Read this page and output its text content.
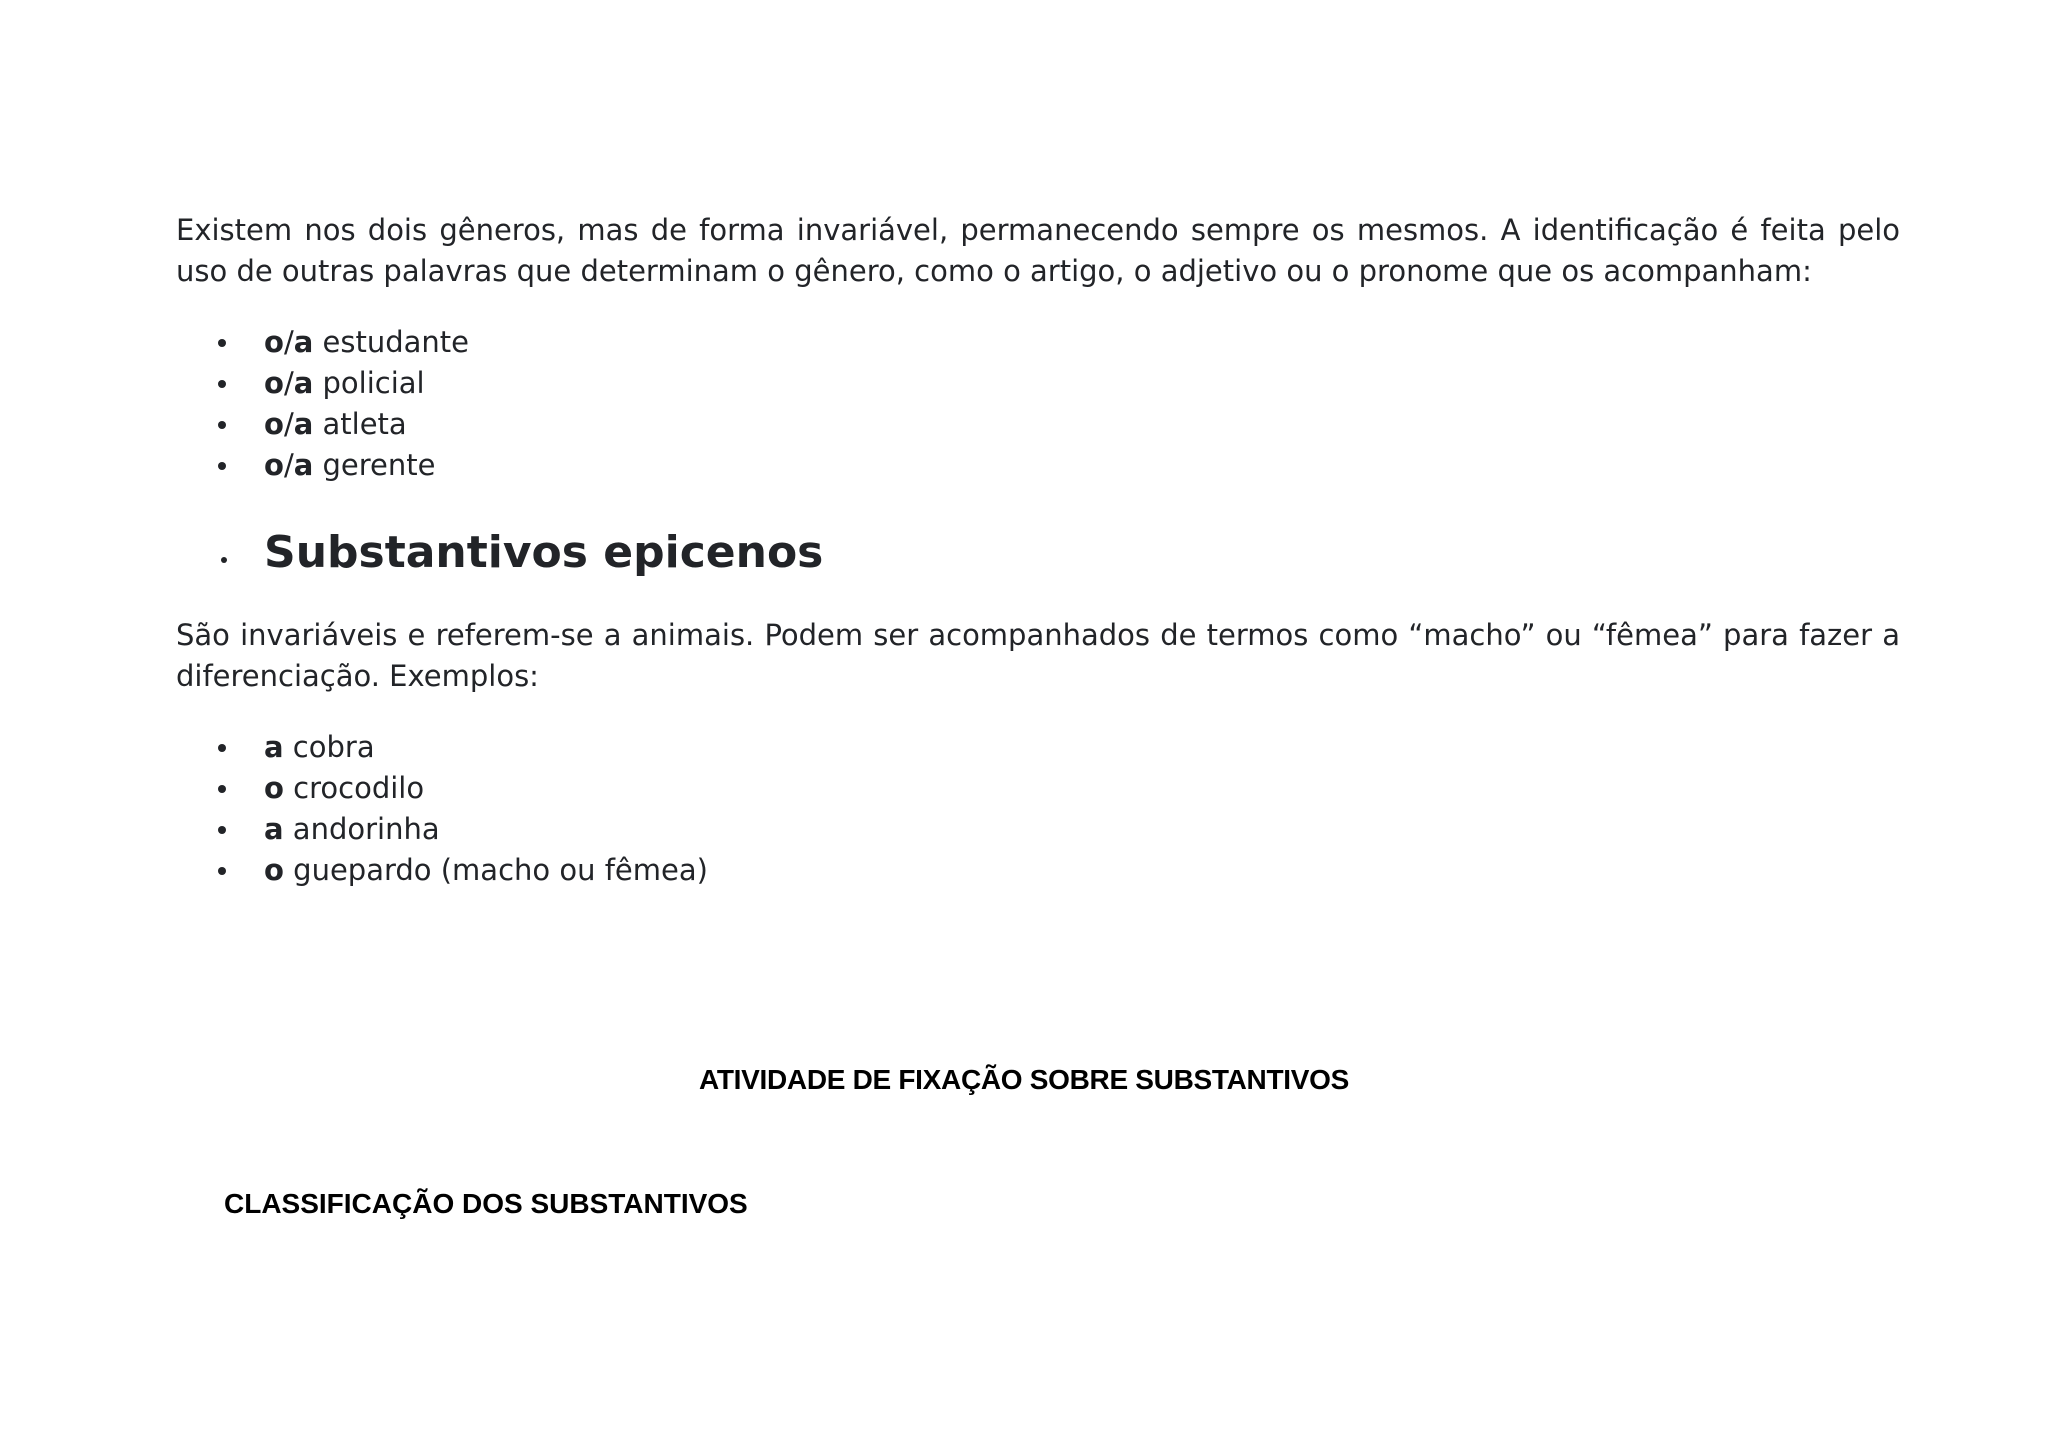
Existem nos dois gêneros, mas de forma invariável, permanecendo sempre os mesmos. A identificação é feita pelo uso de outras palavras que determinam o gênero, como o artigo, o adjetivo ou o pronome que os acompanham:

o/a estudante
o/a policial
o/a atleta
o/a gerente
Substantivos epicenos

São invariáveis e referem-se a animais. Podem ser acompanhados de termos como “macho” ou “fêmea” para fazer a diferenciação. Exemplos:

a cobra
o crocodilo
a andorinha
o guepardo (macho ou fêmea)

ATIVIDADE DE FIXAÇÃO SOBRE SUBSTANTIVOS

CLASSIFICAÇÃO DOS SUBSTANTIVOS
